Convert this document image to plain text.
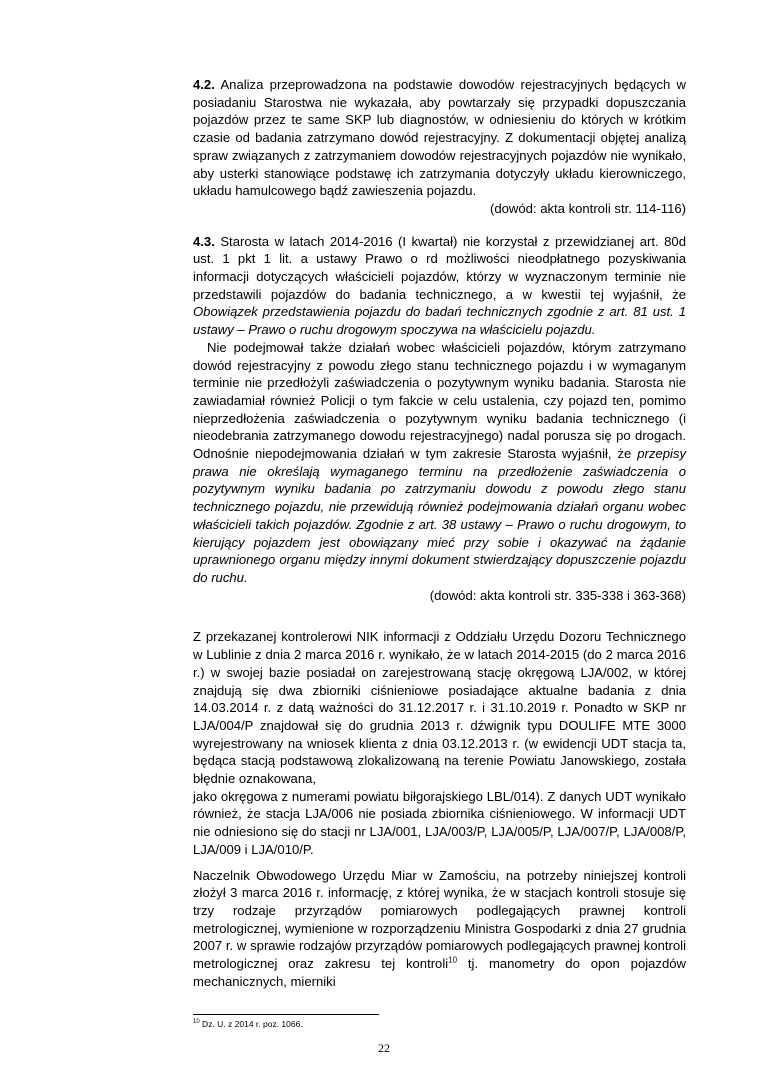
4.2. Analiza przeprowadzona na podstawie dowodów rejestracyjnych będących w posiadaniu Starostwa nie wykazała, aby powtarzały się przypadki dopuszczania pojazdów przez te same SKP lub diagnostów, w odniesieniu do których w krótkim czasie od badania zatrzymano dowód rejestracyjny. Z dokumentacji objętej analizą spraw związanych z zatrzymaniem dowodów rejestracyjnych pojazdów nie wynikało, aby usterki stanowiące podstawę ich zatrzymania dotyczyły układu kierowniczego, układu hamulcowego bądź zawieszenia pojazdu.

(dowód: akta kontroli str. 114-116)

4.3. Starosta w latach 2014-2016 (I kwartał) nie korzystał z przewidzianej art. 80d ust. 1 pkt 1 lit. a ustawy Prawo o rd możliwości nieodpłatnego pozyskiwania informacji dotyczących właścicieli pojazdów, którzy w wyznaczonym terminie nie przedstawili pojazdów do badania technicznego, a w kwestii tej wyjaśnił, że Obowiązek przedstawienia pojazdu do badań technicznych zgodnie z art. 81 ust. 1 ustawy – Prawo o ruchu drogowym spoczywa na właścicielu pojazdu.

Nie podejmował także działań wobec właścicieli pojazdów, którym zatrzymano dowód rejestracyjny z powodu złego stanu technicznego pojazdu i w wymaganym terminie nie przedłożyli zaświadczenia o pozytywnym wyniku badania. Starosta nie zawiadamiał również Policji o tym fakcie w celu ustalenia, czy pojazd ten, pomimo nieprzedłożenia zaświadczenia o pozytywnym wyniku badania technicznego (i nieodebrania zatrzymanego dowodu rejestracyjnego) nadal porusza się po drogach. Odnośnie niepodejmowania działań w tym zakresie Starosta wyjaśnił, że przepisy prawa nie określają wymaganego terminu na przedłożenie zaświadczenia o pozytywnym wyniku badania po zatrzymaniu dowodu z powodu złego stanu technicznego pojazdu, nie przewidują również podejmowania działań organu wobec właścicieli takich pojazdów. Zgodnie z art. 38 ustawy – Prawo o ruchu drogowym, to kierujący pojazdem jest obowiązany mieć przy sobie i okazywać na żądanie uprawnionego organu między innymi dokument stwierdzający dopuszczenie pojazdu do ruchu.

(dowód: akta kontroli str. 335-338 i 363-368)

Z przekazanej kontrolerowi NIK informacji z Oddziału Urzędu Dozoru Technicznego w Lublinie z dnia 2 marca 2016 r. wynikało, że w latach 2014-2015 (do 2 marca 2016 r.) w swojej bazie posiadał on zarejestrowaną stację okręgową LJA/002, w której znajdują się dwa zbiorniki ciśnieniowe posiadające aktualne badania z dnia 14.03.2014 r. z datą ważności do 31.12.2017 r. i 31.10.2019 r. Ponadto w SKP nr LJA/004/P znajdował się do grudnia 2013 r. dźwignik typu DOULIFE MTE 3000 wyrejestrowany na wniosek klienta z dnia 03.12.2013 r. (w ewidencji UDT stacja ta, będąca stacją podstawową zlokalizowaną na terenie Powiatu Janowskiego, została błędnie oznakowana,
jako okręgowa z numerami powiatu biłgorajskiego LBL/014). Z danych UDT wynikało również, że stacja LJA/006 nie posiada zbiornika ciśnieniowego. W informacji UDT nie odniesiono się do stacji nr LJA/001, LJA/003/P, LJA/005/P, LJA/007/P, LJA/008/P, LJA/009 i LJA/010/P.

Naczelnik Obwodowego Urzędu Miar w Zamościu, na potrzeby niniejszej kontroli złożył 3 marca 2016 r. informację, z której wynika, że w stacjach kontroli stosuje się trzy rodzaje przyrządów pomiarowych podlegających prawnej kontroli metrologicznej, wymienione w rozporządzeniu Ministra Gospodarki z dnia 27 grudnia 2007 r. w sprawie rodzajów przyrządów pomiarowych podlegających prawnej kontroli metrologicznej oraz zakresu tej kontroli$^{10}$ tj. manometry do opon pojazdów mechanicznych, mierniki

$^{10}$ Dz. U. z 2014 r. poz. 1066.
22
